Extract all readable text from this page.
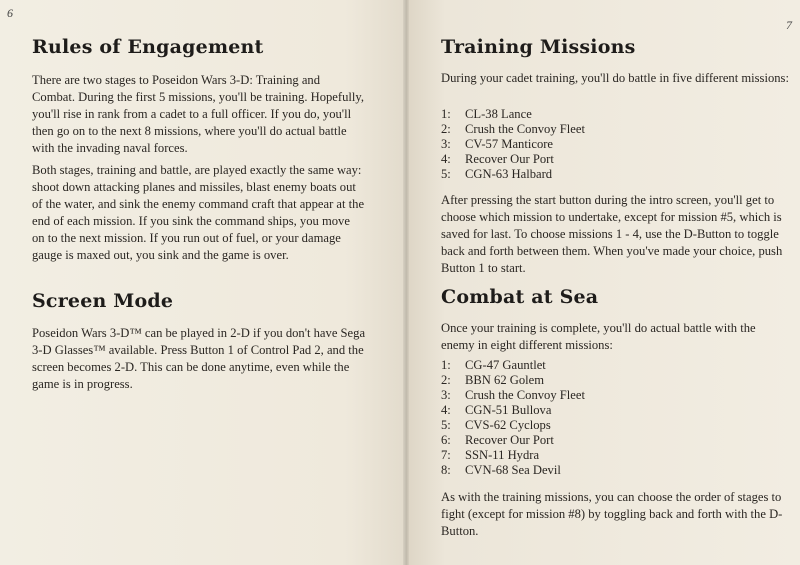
6
Rules of Engagement

There are two stages to Poseidon Wars 3-D: Training and Combat. During the first 5 missions, you'll be training. Hopefully, you'll rise in rank from a cadet to a full officer. If you do, you'll then go on to the next 8 missions, where you'll do actual battle with the invading naval forces.

Both stages, training and battle, are played exactly the same way: shoot down attacking planes and missiles, blast enemy boats out of the water, and sink the enemy command craft that appear at the end of each mission. If you sink the command ships, you move on to the next mission. If you run out of fuel, or your damage gauge is maxed out, you sink and the game is over.

Screen Mode

Poseidon Wars 3-D™ can be played in 2-D if you don't have Sega 3-D Glasses™ available. Press Button 1 of Control Pad 2, and the screen becomes 2-D. This can be done anytime, even while the game is in progress.

7
Training Missions

During your cadet training, you'll do battle in five different missions:

1:	CL-38 Lance
2:	Crush the Convoy Fleet
3:	CV-57 Manticore
4:	Recover Our Port
5:	CGN-63 Halbard

After pressing the start button during the intro screen, you'll get to choose which mission to undertake, except for mission #5, which is saved for last. To choose missions 1 - 4, use the D-Button to toggle back and forth between them. When you've made your choice, push Button 1 to start.

Combat at Sea

Once your training is complete, you'll do actual battle with the enemy in eight different missions:

1:	CG-47 Gauntlet
2:	BBN 62 Golem
3:	Crush the Convoy Fleet
4:	CGN-51 Bullova
5:	CVS-62 Cyclops
6:	Recover Our Port
7:	SSN-11 Hydra
8:	CVN-68 Sea Devil

As with the training missions, you can choose the order of stages to fight (except for mission #8) by toggling back and forth with the D-Button.
